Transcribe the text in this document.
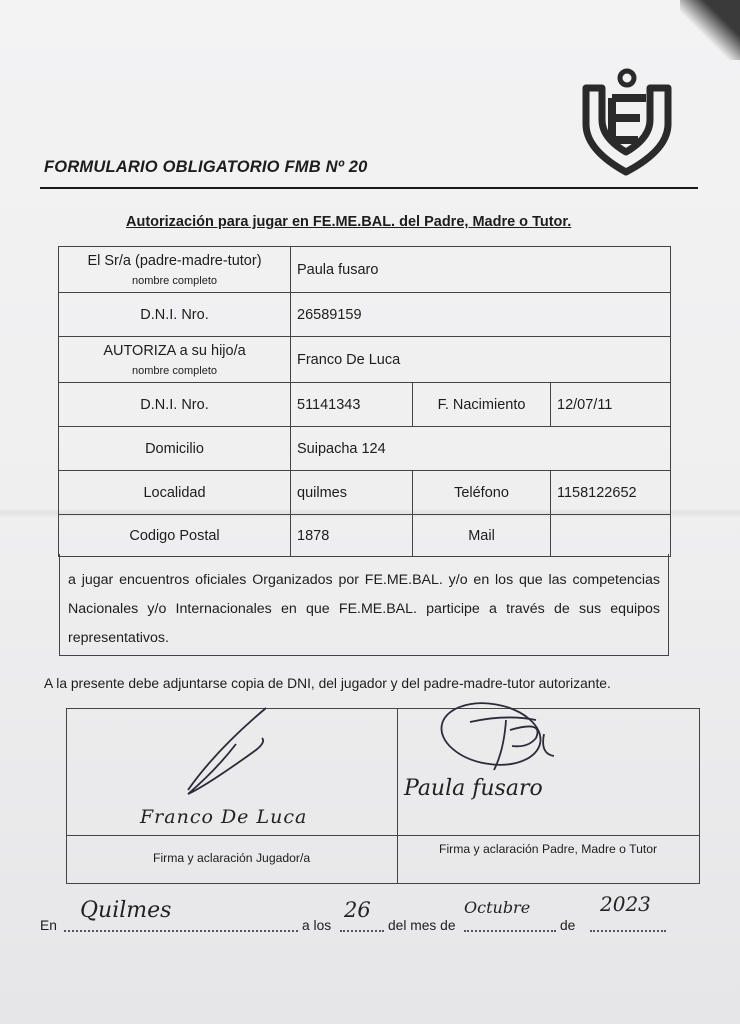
FORMULARIO OBLIGATORIO FMB Nº 20
Autorización para jugar en FE.ME.BAL. del Padre, Madre o Tutor.
El Sr/a (padre-madre-tutor)
nombre completo	Paula fusaro		
D.N.I. Nro.	26589159		

AUTORIZA a su hijo/a
nombre completo	Franco De Luca		
D.N.I. Nro.	51141343	F. Nacimiento	12/07/11
Domicilio	Suipacha 124		
Localidad	quilmes	Teléfono	1158122652
Codigo Postal	1878	Mail	
a jugar encuentros oficiales Organizados por FE.ME.BAL. y/o en los que las competencias Nacionales y/o Internacionales en que FE.ME.BAL. participe a través de sus equipos representativos.
A la presente debe adjuntarse copia de DNI, del jugador y del padre-madre-tutor autorizante.
Firma y aclaración Jugador/a
Firma y aclaración Padre, Madre o Tutor
Franco De Luca
Paula fusaro
En
Quilmes
a los
26
del mes de
Octubre
de
2023
